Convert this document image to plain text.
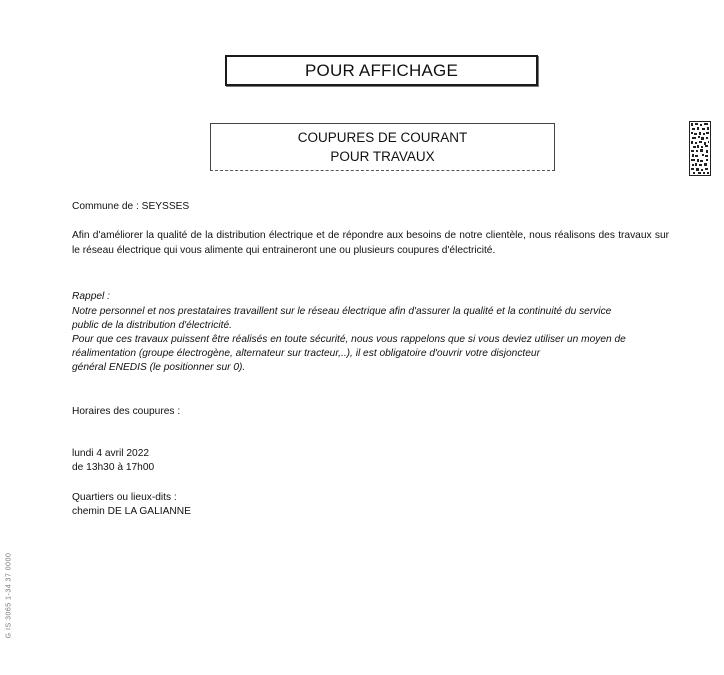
POUR AFFICHAGE
COUPURES DE COURANT
POUR TRAVAUX
Commune de : SEYSSES
Afin d'améliorer la qualité de la distribution électrique et de répondre aux besoins de notre clientèle, nous réalisons des travaux sur le réseau électrique qui vous alimente qui entraineront une ou plusieurs coupures d'électricité.
Rappel :
Notre personnel et nos prestataires travaillent sur le réseau électrique afin d'assurer la qualité et la continuité du service
public de la distribution d'électricité.
Pour que ces travaux puissent être réalisés en toute sécurité, nous vous rappelons que si vous deviez utiliser un moyen de
réalimentation (groupe électrogène, alternateur sur tracteur,..), il est obligatoire d'ouvrir votre disjoncteur
général ENEDIS (le positionner sur 0).
Horaires des coupures :
lundi 4 avril 2022
de 13h30 à 17h00
Quartiers ou lieux-dits :
chemin DE LA GALIANNE
G IS 3065 1-34 37 0000
